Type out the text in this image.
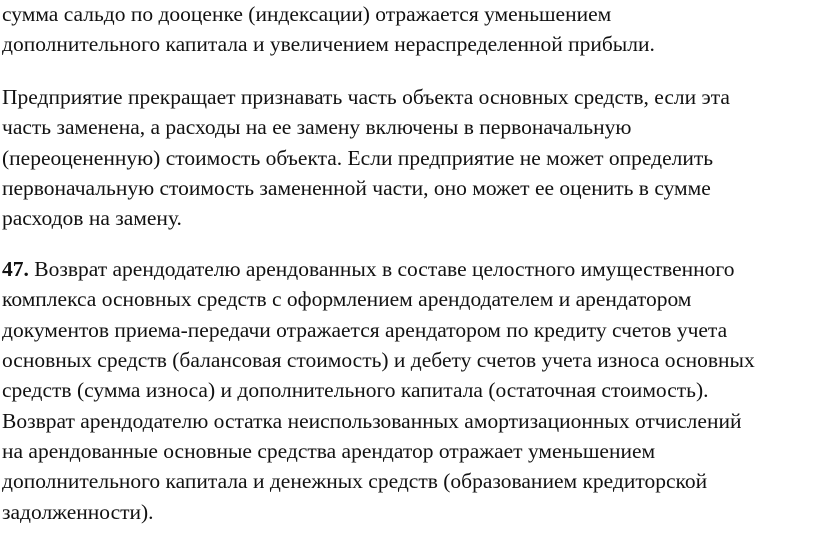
сумма сальдо по дооценке (индексации) отражается уменьшением
дополнительного капитала и увеличением нераспределенной прибыли.
Предприятие прекращает признавать часть объекта основных средств, если эта
часть заменена, а расходы на ее замену включены в первоначальную
(переоцененную) стоимость объекта. Если предприятие не может определить
первоначальную стоимость замененной части, оно может ее оценить в сумме
расходов на замену.
47. Возврат арендодателю арендованных в составе целостного имущественного
комплекса основных средств с оформлением арендодателем и арендатором
документов приема-передачи отражается арендатором по кредиту счетов учета
основных средств (балансовая стоимость) и дебету счетов учета износа основных
средств (сумма износа) и дополнительного капитала (остаточная стоимость).
Возврат арендодателю остатка неиспользованных амортизационных отчислений
на арендованные основные средства арендатор отражает уменьшением
дополнительного капитала и денежных средств (образованием кредиторской
задолженности).
